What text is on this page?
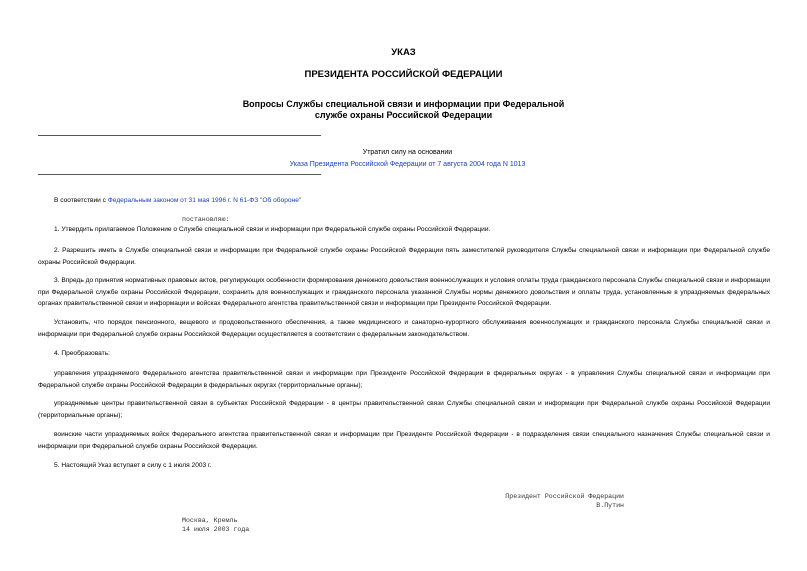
УКАЗ
ПРЕЗИДЕНТА РОССИЙСКОЙ ФЕДЕРАЦИИ
Вопросы Службы специальной связи и информации при Федеральной
службе охраны Российской Федерации
Утратил силу на основании
Указа Президента Российской Федерации от 7 августа 2004 года N 1013
В соответствии с Федеральным законом от 31 мая 1996 г. N 61-ФЗ "Об обороне"
постановляю:
1. Утвердить прилагаемое Положение о Службе специальной связи и информации при Федеральной службе охраны Российской Федерации.
2. Разрешить иметь в Службе специальной связи и информации при Федеральной службе охраны Российской Федерации пять заместителей руководителя Службы специальной связи и информации при Федеральной службе охраны Российской Федерации.
3. Впредь до принятия нормативных правовых актов, регулирующих особенности формирования денежного довольствия военнослужащих и условия оплаты труда гражданского персонала Службы специальной связи и информации при Федеральной службе охраны Российской Федерации, сохранить для военнослужащих и гражданского персонала указанной Службы нормы денежного довольствия и оплаты труда, установленные в упраздняемых федеральных органах правительственной связи и информации и войсках Федерального агентства правительственной связи и информации при Президенте Российской Федерации.
Установить, что порядок пенсионного, вещевого и продовольственного обеспечения, а также медицинского и санаторно-курортного обслуживания военнослужащих и гражданского персонала Службы специальной связи и информации при Федеральной службе охраны Российской Федерации осуществляется в соответствии с федеральным законодательством.
4. Преобразовать:
управления упраздняемого Федерального агентства правительственной связи и информации при Президенте Российской Федерации в федеральных округах - в управления Службы специальной связи и информации при Федеральной службе охраны Российской Федерации в федеральных округах (территориальные органы);
упраздняемые центры правительственной связи в субъектах Российской Федерации - в центры правительственной связи Службы специальной связи и информации при Федеральной службе охраны Российской Федерации (территориальные органы);
воинские части упраздняемых войск Федерального агентства правительственной связи и информации при Президенте Российской Федерации - в подразделения связи специального назначения Службы специальной связи и информации при Федеральной службе охраны Российской Федерации.
5. Настоящий Указ вступает в силу с 1 июля 2003 г.
Президент Российской Федерации
В.Путин
Москва, Кремль
14 июля 2003 года
